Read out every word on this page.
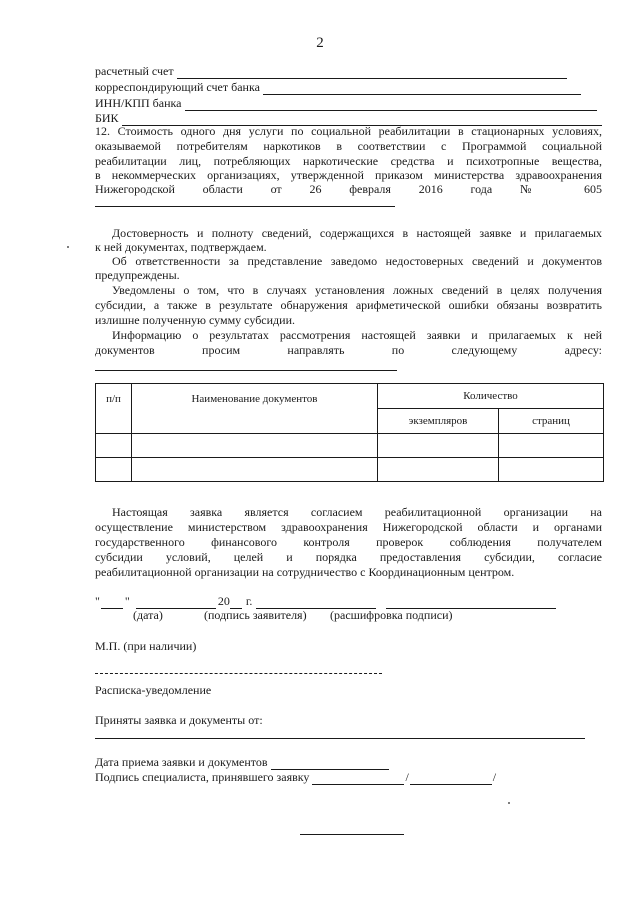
2
расчетный счет
корреспондирующий счет банка
ИНН/КПП банка
БИК
12. Стоимость одного дня услуги по социальной реабилитации в стационарных условиях,
оказываемой потребителям наркотиков в соответствии с Программой социальной
реабилитации лиц, потребляющих наркотические средства и психотропные вещества,
в некоммерческих организациях, утвержденной приказом министерства здравоохранения
Нижегородской области от 26 февраля 2016 года № 605
Достоверность и полноту сведений, содержащихся в настоящей заявке и прилагаемых
к ней документах, подтверждаем.
Об ответственности за представление заведомо недостоверных сведений и документов
предупреждены.
Уведомлены о том, что в случаях установления ложных сведений в целях получения
субсидии, а также в результате обнаружения арифметической ошибки обязаны возвратить
излишне полученную сумму субсидии.
Информацию о результатах рассмотрения настоящей заявки и прилагаемых к ней
документов просим направлять по следующему адресу:
п/п	Наименование документов	Количество	
		экземпляров	страниц

Настоящая заявка является согласием реабилитационной организации на
осуществление министерством здравоохранения Нижегородской области и органами
государственного финансового контроля проверок соблюдения получателем
субсидии условий, целей и порядка предоставления субсидии, согласие
реабилитационной организации на сотрудничество с Координационным центром.
" "	20 г.
(дата)	(подпись заявителя) (расшифровка подписи)
М.П. (при наличии)
Расписка-уведомление
Приняты заявка и документы от:
Дата приема заявки и документов
Подпись специалиста, принявшего заявку	/	/
